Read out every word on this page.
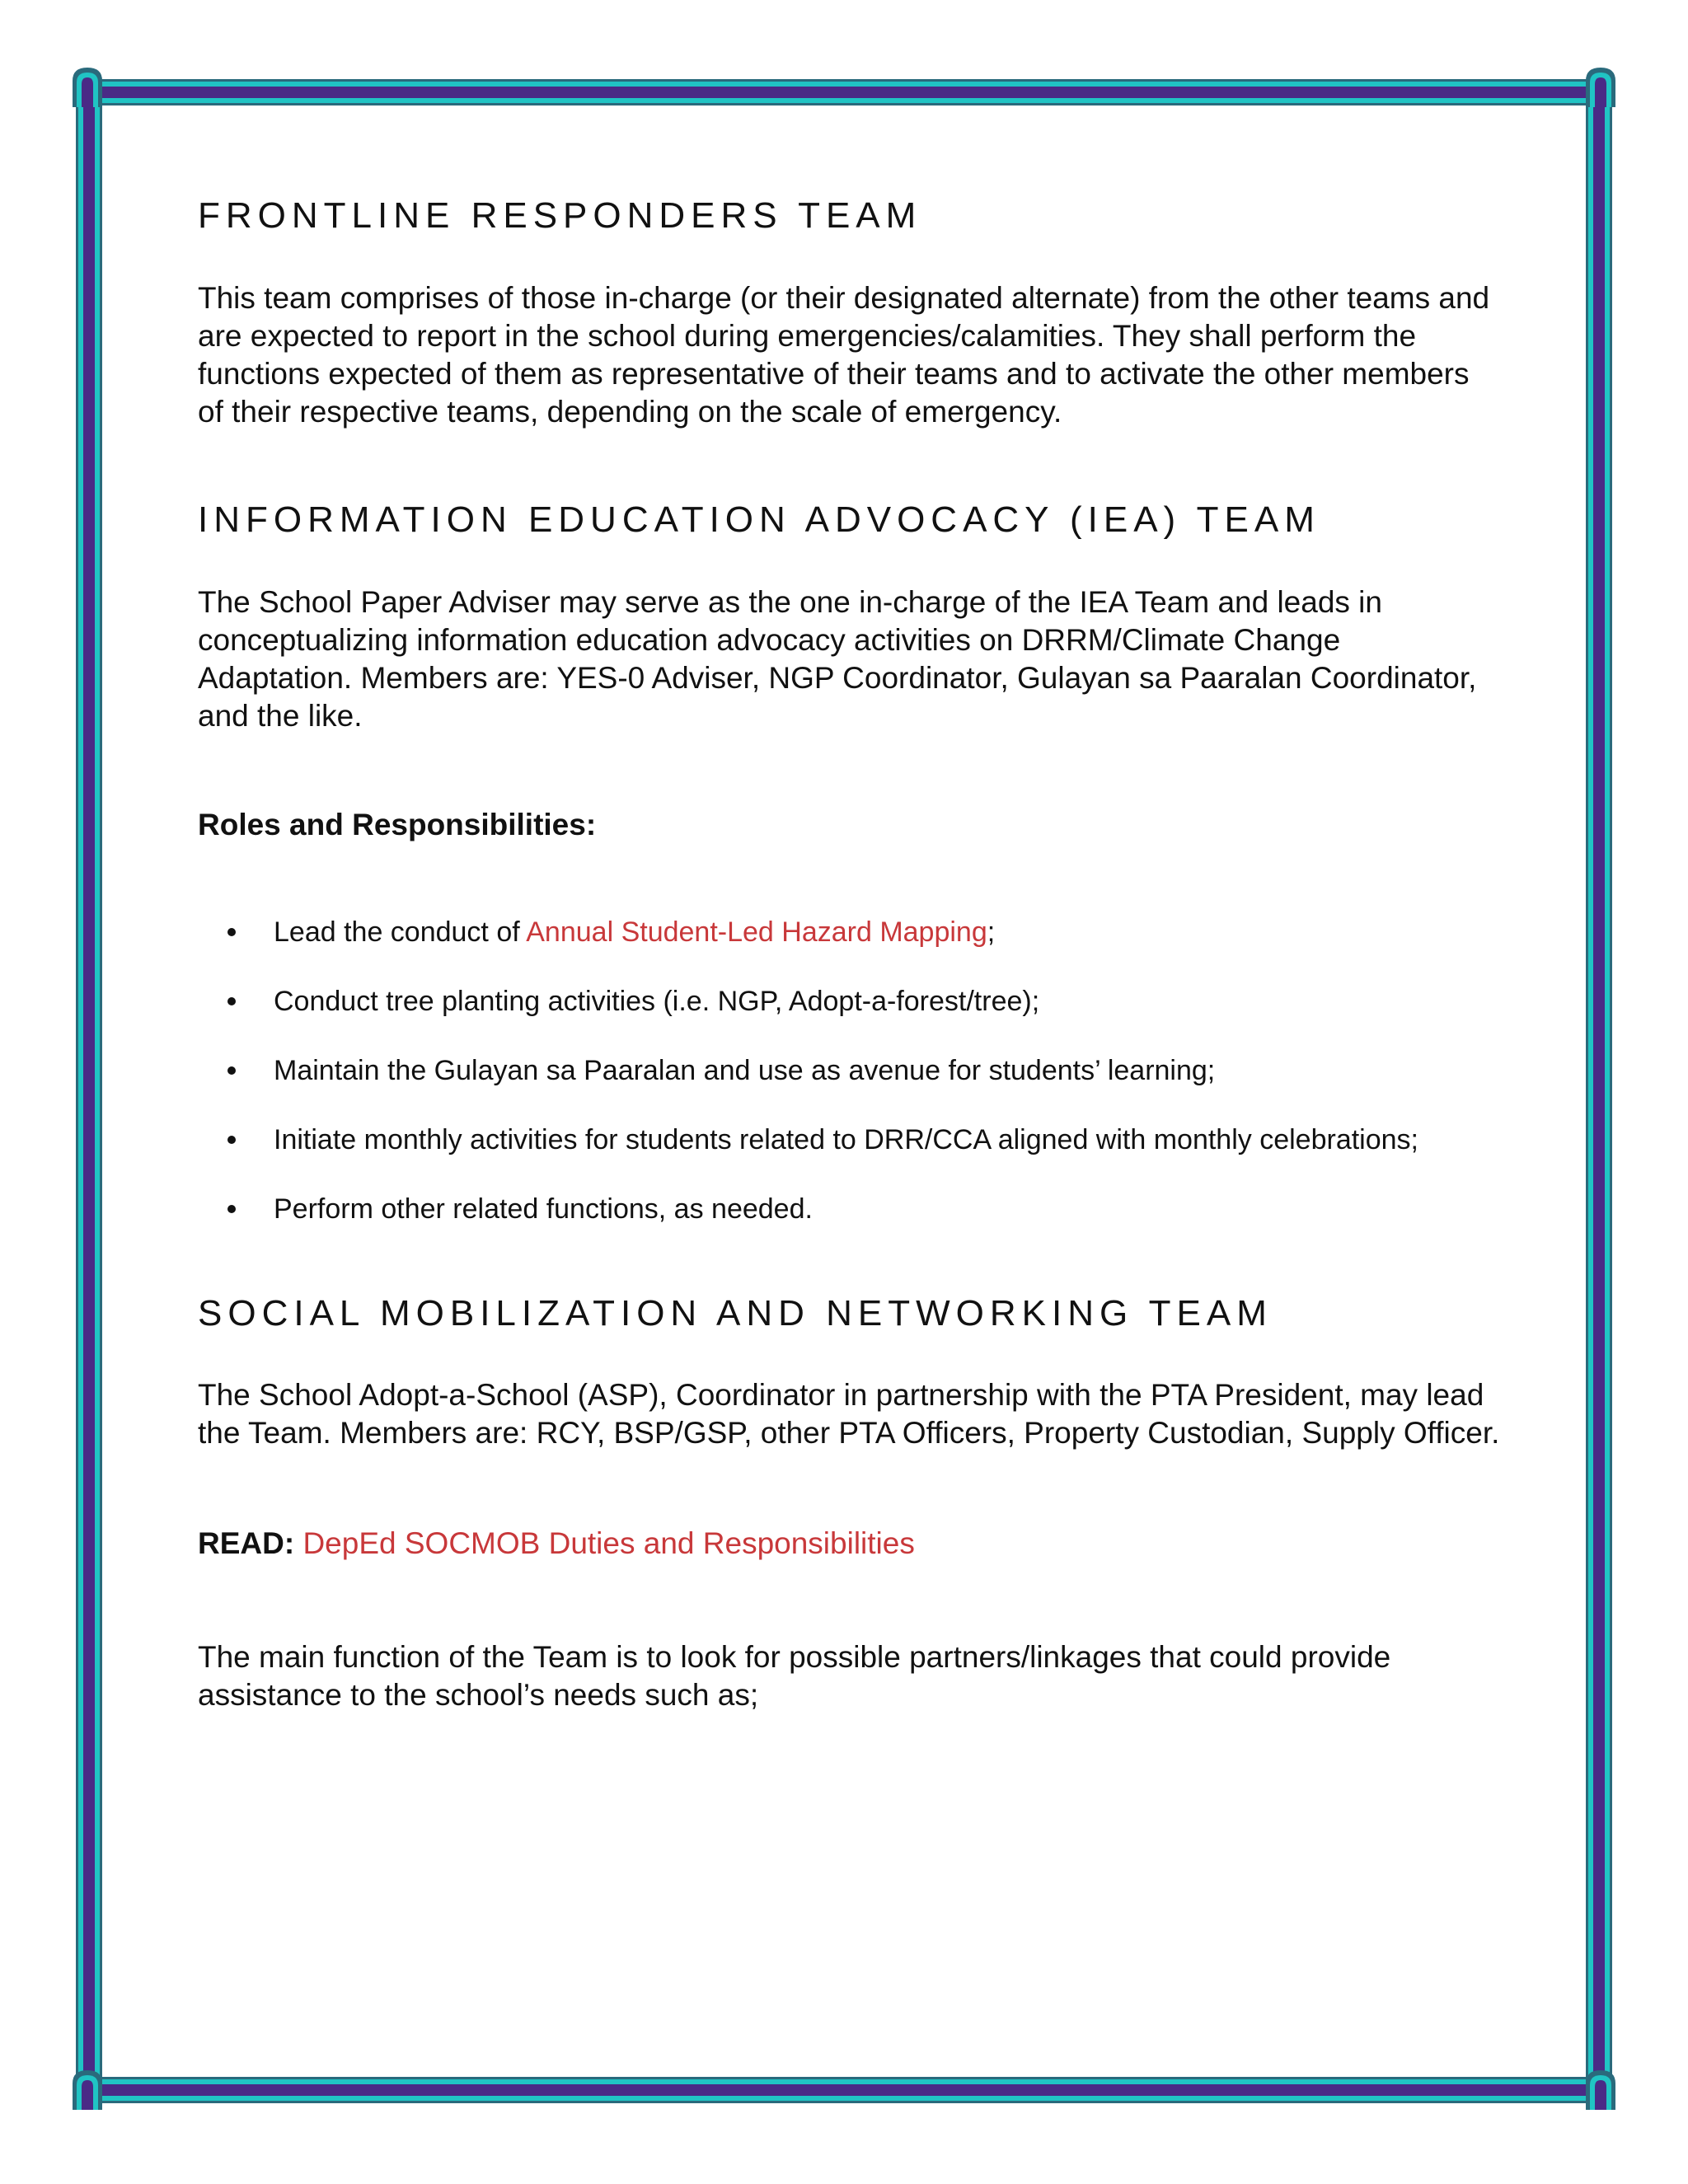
FRONTLINE RESPONDERS TEAM

This team comprises of those in-charge (or their designated alternate) from the other teams and are expected to report in the school during emergencies/calamities. They shall perform the functions expected of them as representative of their teams and to activate the other members of their respective teams, depending on the scale of emergency.

INFORMATION EDUCATION ADVOCACY (IEA) TEAM

The School Paper Adviser may serve as the one in-charge of the IEA Team and leads in conceptualizing information education advocacy activities on DRRM/Climate Change Adaptation. Members are: YES-0 Adviser, NGP Coordinator, Gulayan sa Paaralan Coordinator, and the like.

Roles and Responsibilities:

Lead the conduct of Annual Student-Led Hazard Mapping;
Conduct tree planting activities (i.e. NGP, Adopt-a-forest/tree);
Maintain the Gulayan sa Paaralan and use as avenue for students’ learning;
Initiate monthly activities for students related to DRR/CCA aligned with monthly celebrations;
Perform other related functions, as needed.
SOCIAL MOBILIZATION AND NETWORKING TEAM

The School Adopt-a-School (ASP), Coordinator in partnership with the PTA President, may lead the Team. Members are: RCY, BSP/GSP, other PTA Officers, Property Custodian, Supply Officer.

READ: DepEd SOCMOB Duties and Responsibilities

The main function of the Team is to look for possible partners/linkages that could provide assistance to the school’s needs such as;
